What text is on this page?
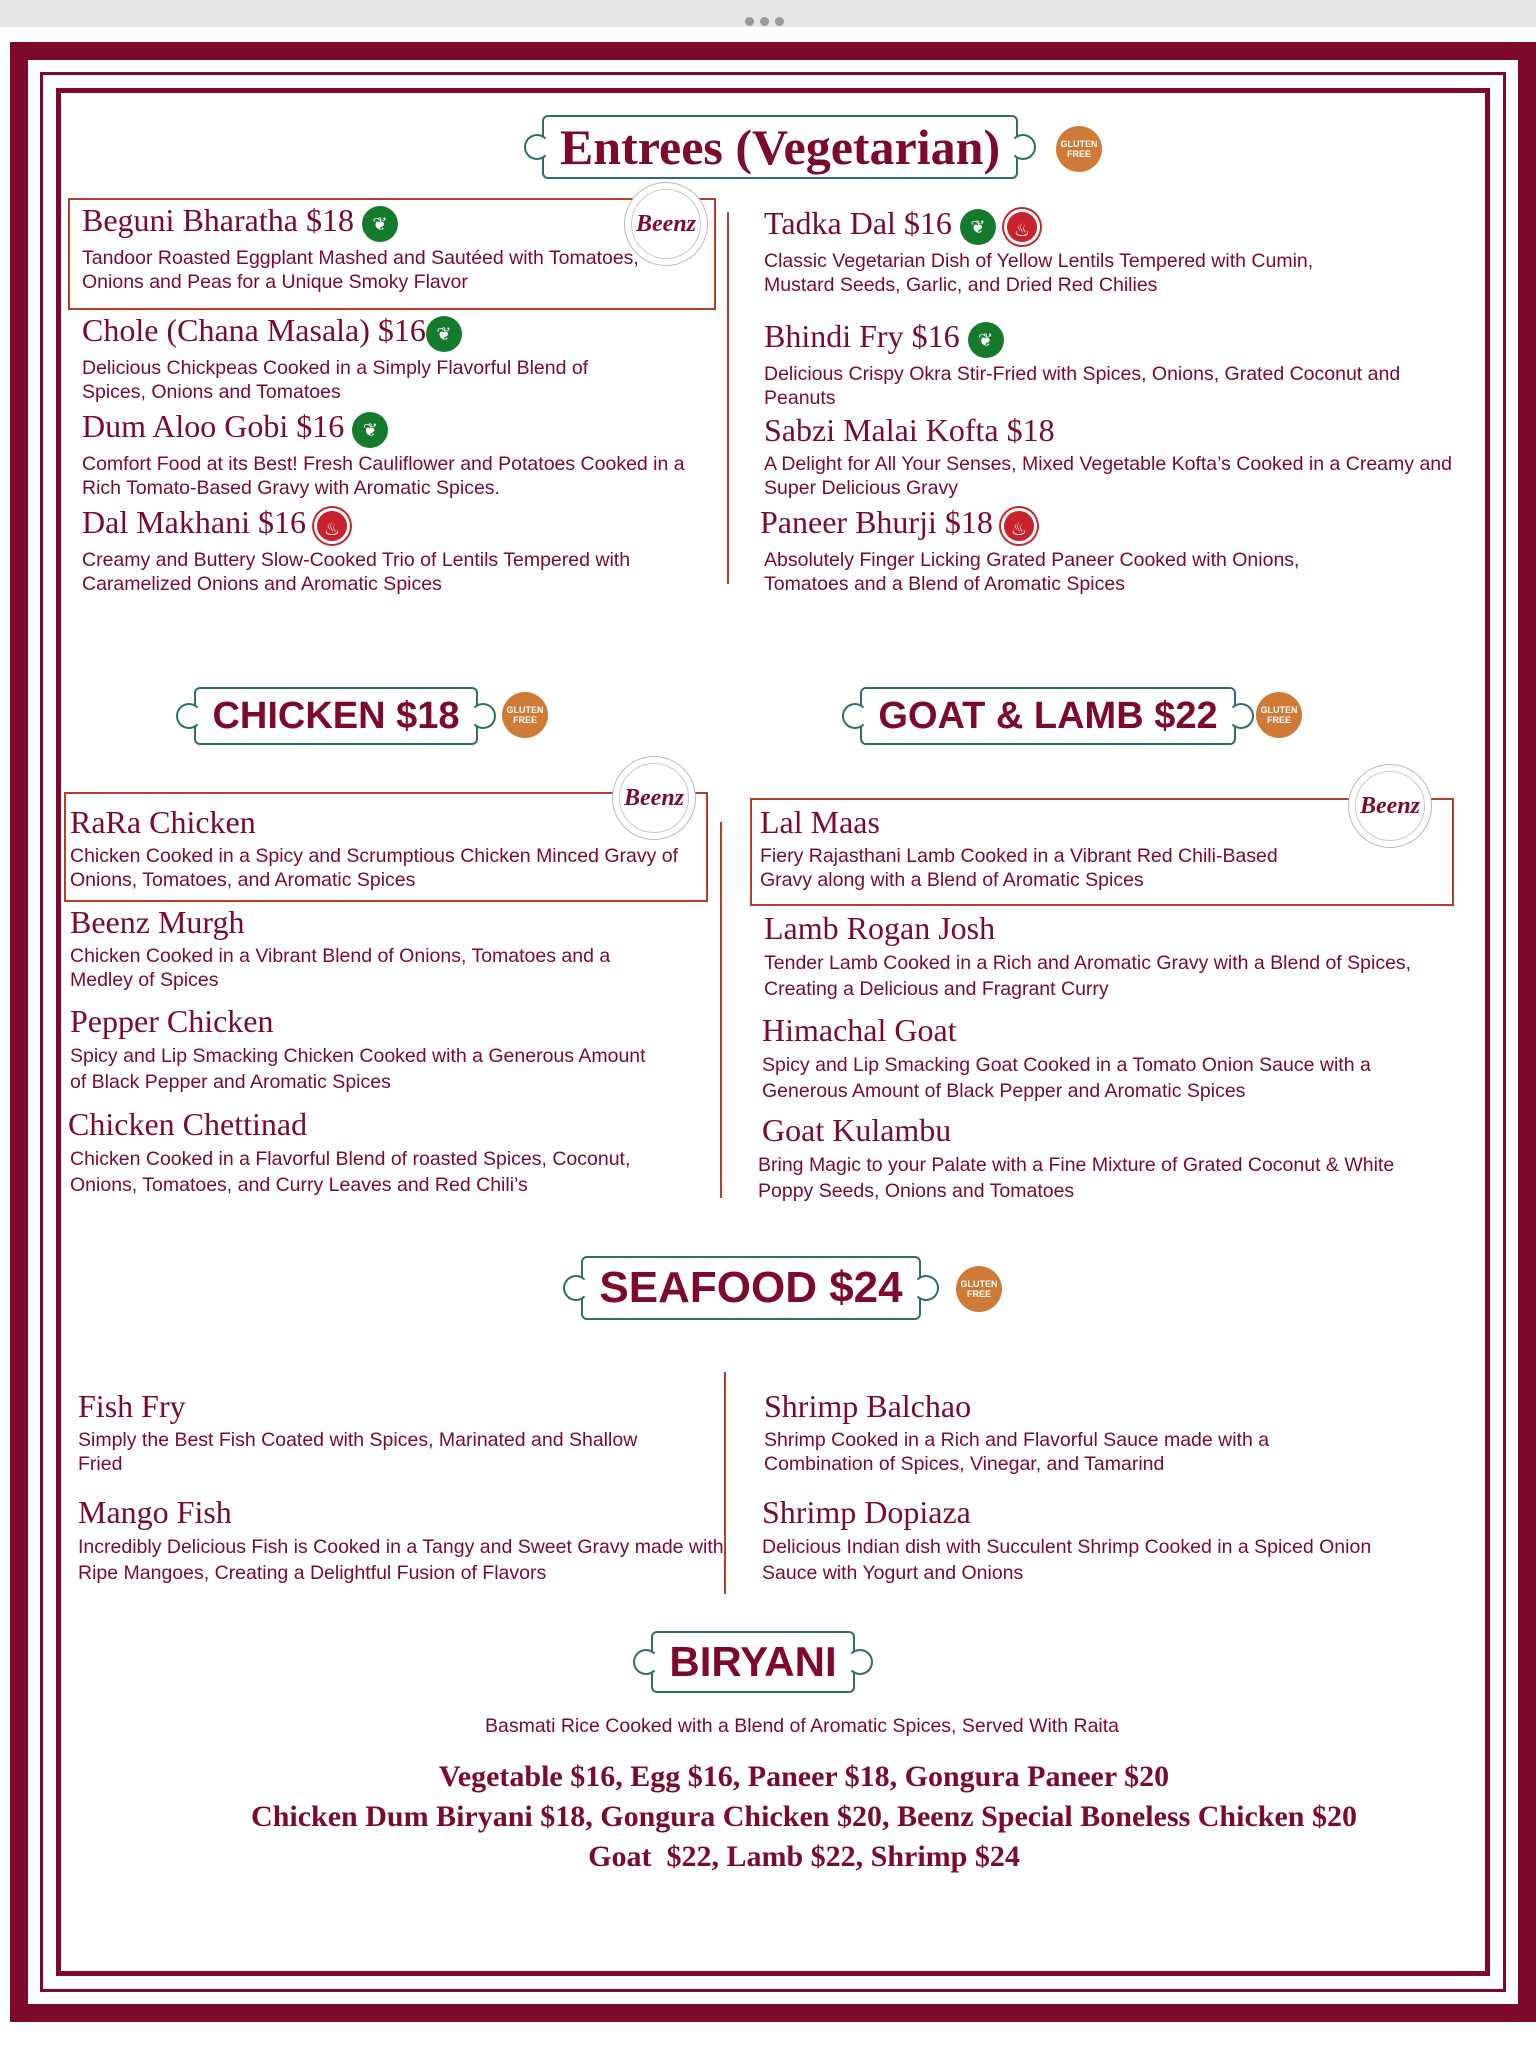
Entrees (Vegetarian)	GLUTEN FREE
Beenz
Beguni Bharatha $18 ❦
Tandoor Roasted Eggplant Mashed and Sautéed with Tomatoes, Onions and Peas for a Unique Smoky Flavor
Chole (Chana Masala) $16 ❦
Delicious Chickpeas Cooked in a Simply Flavorful Blend of Spices, Onions and Tomatoes
Dum Aloo Gobi $16 ❦
Comfort Food at its Best! Fresh Cauliflower and Potatoes Cooked in a Rich Tomato-Based Gravy with Aromatic Spices.
Dal Makhani $16 ♨
Creamy and Buttery Slow-Cooked Trio of Lentils Tempered with Caramelized Onions and Aromatic Spices
Tadka Dal $16 ❦ ♨
Classic Vegetarian Dish of Yellow Lentils Tempered with Cumin, Mustard Seeds, Garlic, and Dried Red Chilies
Bhindi Fry $16 ❦
Delicious Crispy Okra Stir-Fried with Spices, Onions, Grated Coconut and Peanuts
Sabzi Malai Kofta $18
A Delight for All Your Senses, Mixed Vegetable Kofta’s Cooked in a Creamy and Super Delicious Gravy
Paneer Bhurji $18 ♨
Absolutely Finger Licking Grated Paneer Cooked with Onions, Tomatoes and a Blend of Aromatic Spices
CHICKEN $18	GLUTEN FREE
Beenz
RaRa Chicken
Chicken Cooked in a Spicy and Scrumptious Chicken Minced Gravy of Onions, Tomatoes, and Aromatic Spices
Beenz Murgh
Chicken Cooked in a Vibrant Blend of Onions, Tomatoes and a Medley of Spices
Pepper Chicken
Spicy and Lip Smacking Chicken Cooked with a Generous Amount of Black Pepper and Aromatic Spices
Chicken Chettinad
Chicken Cooked in a Flavorful Blend of roasted Spices, Coconut, Onions, Tomatoes, and Curry Leaves and Red Chili’s
GOAT & LAMB $22	GLUTEN FREE
Beenz
Lal Maas
Fiery Rajasthani Lamb Cooked in a Vibrant Red Chili-Based Gravy along with a Blend of Aromatic Spices
Lamb Rogan Josh
Tender Lamb Cooked in a Rich and Aromatic Gravy with a Blend of Spices, Creating a Delicious and Fragrant Curry
Himachal Goat
Spicy and Lip Smacking Goat Cooked in a Tomato Onion Sauce with a Generous Amount of Black Pepper and Aromatic Spices
Goat Kulambu
Bring Magic to your Palate with a Fine Mixture of Grated Coconut & White Poppy Seeds, Onions and Tomatoes
SEAFOOD $24	GLUTEN FREE
Fish Fry
Simply the Best Fish Coated with Spices, Marinated and Shallow Fried
Mango Fish
Incredibly Delicious Fish is Cooked in a Tangy and Sweet Gravy made with Ripe Mangoes, Creating a Delightful Fusion of Flavors
Shrimp Balchao
Shrimp Cooked in a Rich and Flavorful Sauce made with a Combination of Spices, Vinegar, and Tamarind
Shrimp Dopiaza
Delicious Indian dish with Succulent Shrimp Cooked in a Spiced Onion Sauce with Yogurt and Onions
BIRYANI
Basmati Rice Cooked with a Blend of Aromatic Spices, Served With Raita
Vegetable $16, Egg $16, Paneer $18, Gongura Paneer $20
Chicken Dum Biryani $18, Gongura Chicken $20, Beenz Special Boneless Chicken $20
Goat  $22, Lamb $22, Shrimp $24
